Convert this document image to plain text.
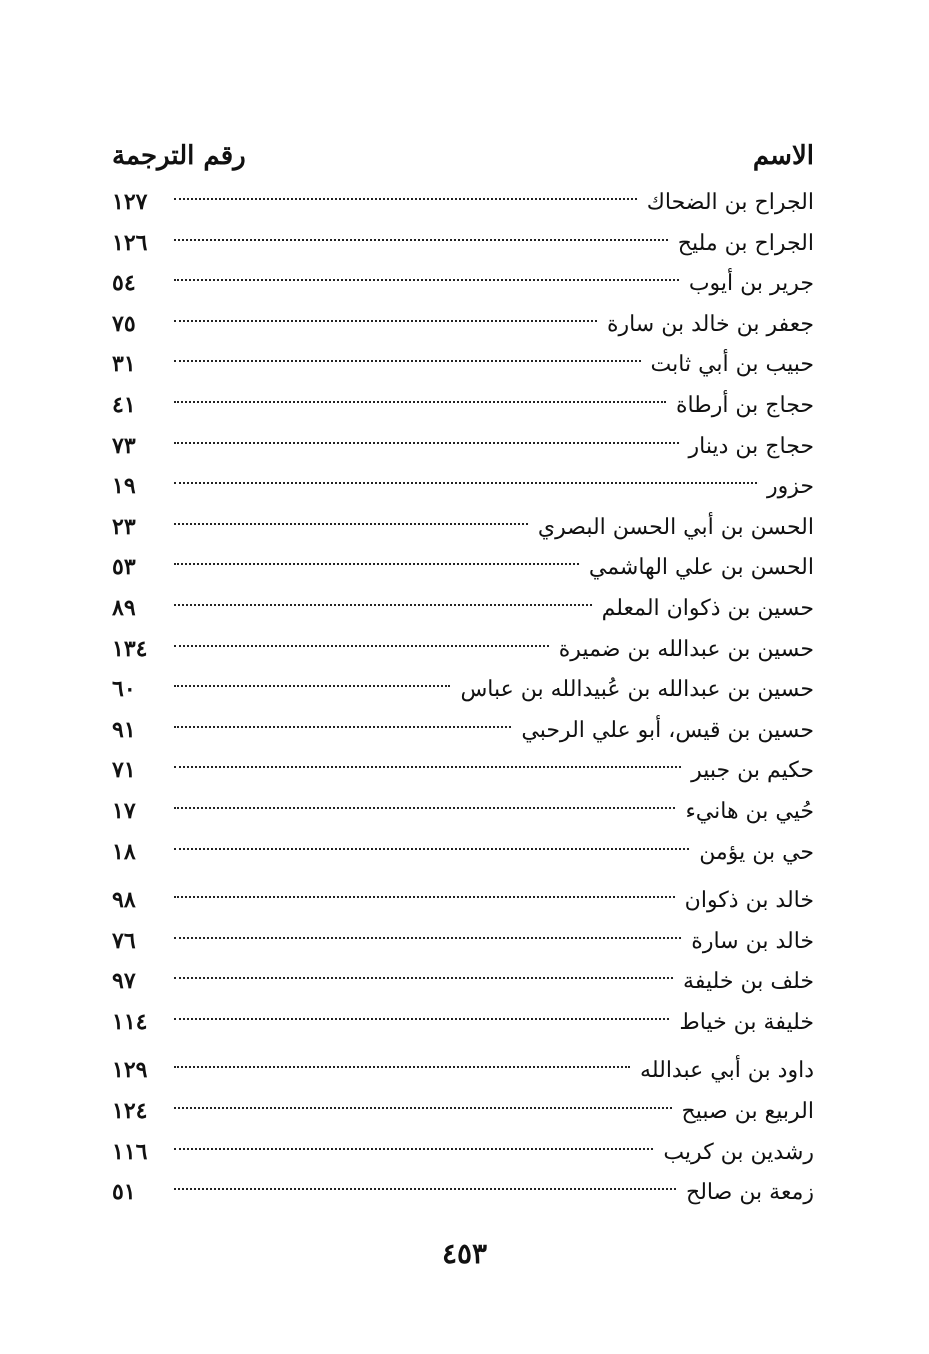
الاسم
رقم الترجمة
الجراح بن الضحاك
١٢٧
الجراح بن مليح
١٢٦
جرير بن أيوب
٥٤
جعفر بن خالد بن سارة
٧٥
حبيب بن أبي ثابت
٣١
حجاج بن أرطاة
٤١
حجاج بن دينار
٧٣
حزور
١٩
الحسن بن أبي الحسن البصري
٢٣
الحسن بن علي الهاشمي
٥٣
حسين بن ذكوان المعلم
٨٩
حسين بن عبدالله بن ضميرة
١٣٤
حسين بن عبدالله بن عُبيدالله بن عباس
٦٠
حسين بن قيس، أبو علي الرحبي
٩١
حكيم بن جبير
٧١
حُيي بن هانيء
١٧
حي بن يؤمن
١٨
خالد بن ذكوان
٩٨
خالد بن سارة
٧٦
خلف بن خليفة
٩٧
خليفة بن خياط
١١٤
داود بن أبي عبدالله
١٢٩
الربيع بن صبيح
١٢٤
رشدين بن كريب
١١٦
زمعة بن صالح
٥١
٤٥٣
